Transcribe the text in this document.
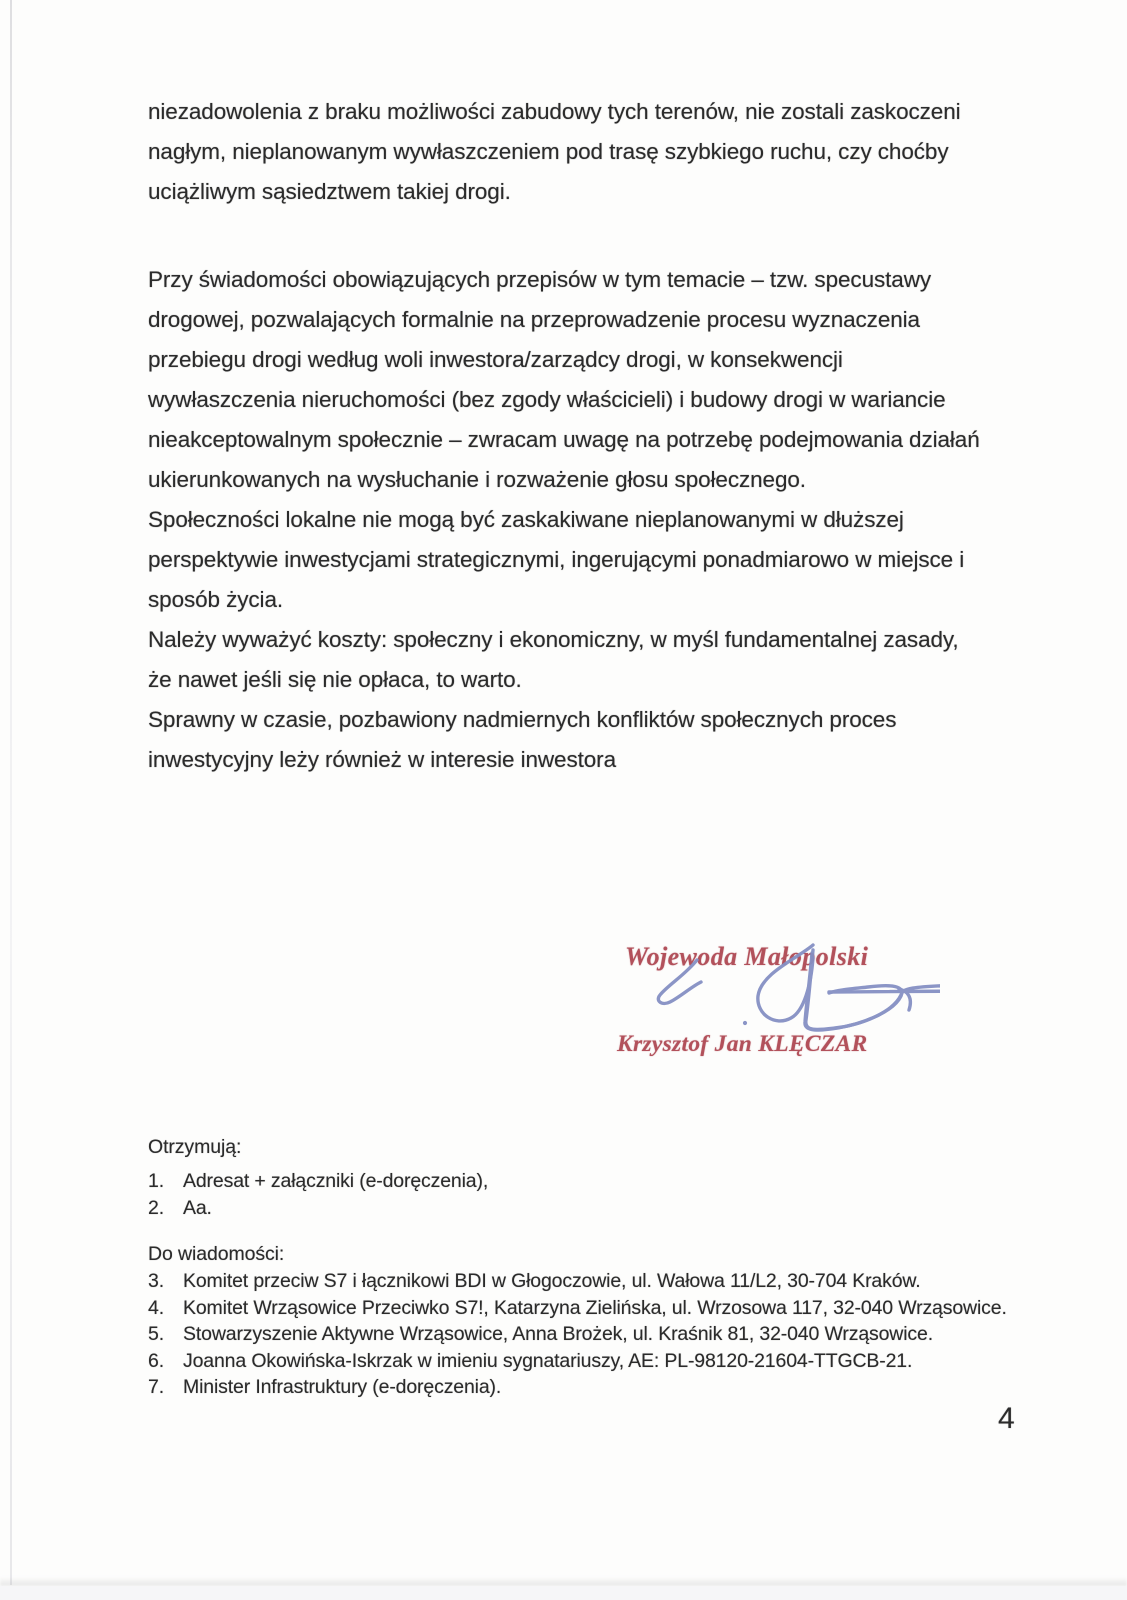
niezadowolenia z braku możliwości zabudowy tych terenów, nie zostali zaskoczeni
nagłym, nieplanowanym wywłaszczeniem pod trasę szybkiego ruchu, czy choćby
uciążliwym sąsiedztwem takiej drogi.
Przy świadomości obowiązujących przepisów w tym temacie – tzw. specustawy
drogowej, pozwalających formalnie na przeprowadzenie procesu wyznaczenia
przebiegu drogi według woli inwestora/zarządcy drogi, w konsekwencji
wywłaszczenia nieruchomości (bez zgody właścicieli) i budowy drogi w wariancie
nieakceptowalnym społecznie – zwracam uwagę na potrzebę podejmowania działań
ukierunkowanych na wysłuchanie i rozważenie głosu społecznego.
Społeczności lokalne nie mogą być zaskakiwane nieplanowanymi w dłuższej
perspektywie inwestycjami strategicznymi, ingerującymi ponadmiarowo w miejsce i
sposób życia.
Należy wyważyć koszty: społeczny i ekonomiczny, w myśl fundamentalnej zasady,
że nawet jeśli się nie opłaca, to warto.
Sprawny w czasie, pozbawiony nadmiernych konfliktów społecznych proces
inwestycyjny leży również w interesie inwestora
Wojewoda Małopolski
Krzysztof Jan KLĘCZAR
Otrzymują:
1. Adresat + załączniki (e-doręczenia),
2. Aa.
Do wiadomości:
3. Komitet przeciw S7 i łącznikowi BDI w Głogoczowie, ul. Wałowa 11/L2, 30-704 Kraków.
4. Komitet Wrząsowice Przeciwko S7!, Katarzyna Zielińska, ul. Wrzosowa 117, 32-040 Wrząsowice.
5. Stowarzyszenie Aktywne Wrząsowice, Anna Brożek, ul. Kraśnik 81, 32-040 Wrząsowice.
6. Joanna Okowińska-Iskrzak w imieniu sygnatariuszy, AE: PL-98120-21604-TTGCB-21.
7. Minister Infrastruktury (e-doręczenia).
4
